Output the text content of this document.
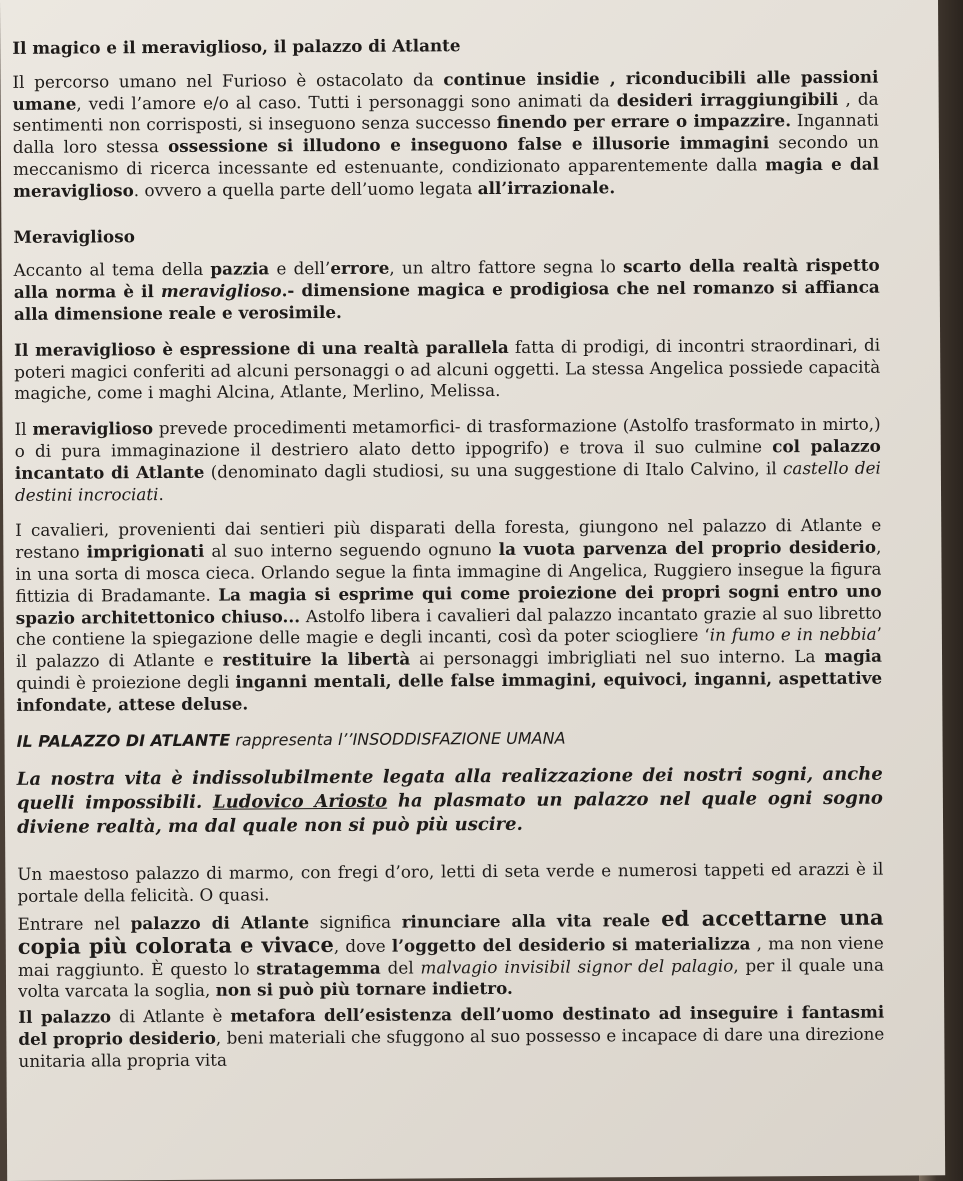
Il magico e il meraviglioso, il palazzo di Atlante

Il percorso umano nel Furioso è ostacolato da continue insidie , riconducibili alle passioni umane, vedi l’amore e/o al caso. Tutti i personaggi sono animati da desideri irraggiungibili , da sentimenti non corrisposti, si inseguono senza successo finendo per errare o impazzire. Ingannati dalla loro stessa ossessione si illudono e inseguono false e illusorie immagini secondo un meccanismo di ricerca incessante ed estenuante, condizionato apparentemente dalla magia e dal meraviglioso. ovvero a quella parte dell’uomo legata all’irrazionale.

Meraviglioso

Accanto al tema della pazzia e dell’errore, un altro fattore segna lo scarto della realtà rispetto alla norma è il meraviglioso.- dimensione magica e prodigiosa che nel romanzo si affianca alla dimensione reale e verosimile.

Il meraviglioso è espressione di una realtà parallela fatta di prodigi, di incontri straordinari, di poteri magici conferiti ad alcuni personaggi o ad alcuni oggetti. La stessa Angelica possiede capacità magiche, come i maghi Alcina, Atlante, Merlino, Melissa.

Il meraviglioso prevede procedimenti metamorfici- di trasformazione (Astolfo trasformato in mirto,) o di pura immaginazione il destriero alato detto ippogrifo) e trova il suo culmine col palazzo incantato di Atlante (denominato dagli studiosi, su una suggestione di Italo Calvino, il castello dei destini incrociati.

I cavalieri, provenienti dai sentieri più disparati della foresta, giungono nel palazzo di Atlante e restano imprigionati al suo interno seguendo ognuno la vuota parvenza del proprio desiderio, in una sorta di mosca cieca. Orlando segue la finta immagine di Angelica, Ruggiero insegue la figura fittizia di Bradamante. La magia si esprime qui come proiezione dei propri sogni entro uno spazio architettonico chiuso... Astolfo libera i cavalieri dal palazzo incantato grazie al suo libretto che contiene la spiegazione delle magie e degli incanti, così da poter sciogliere ‘in fumo e in nebbia’ il palazzo di Atlante e restituire la libertà ai personaggi imbrigliati nel suo interno. La magia quindi è proiezione degli inganni mentali, delle false immagini, equivoci, inganni, aspettative infondate, attese deluse.

IL PALAZZO DI ATLANTE rappresenta l’’INSODDISFAZIONE UMANA

La nostra vita è indissolubilmente legata alla realizzazione dei nostri sogni, anche quelli impossibili. Ludovico Ariosto ha plasmato un palazzo nel quale ogni sogno diviene realtà, ma dal quale non si può più uscire.

Un maestoso palazzo di marmo, con fregi d’oro, letti di seta verde e numerosi tappeti ed arazzi è il portale della felicità. O quasi.

Entrare nel palazzo di Atlante significa rinunciare alla vita reale ed accettarne una copia più colorata e vivace, dove l’oggetto del desiderio si materializza , ma non viene mai raggiunto. È questo lo stratagemma del malvagio invisibil signor del palagio, per il quale una volta varcata la soglia, non si può più tornare indietro.

Il palazzo di Atlante è metafora dell’esistenza dell’uomo destinato ad inseguire i fantasmi del proprio desiderio, beni materiali che sfuggono al suo possesso e incapace di dare una direzione unitaria alla propria vita
